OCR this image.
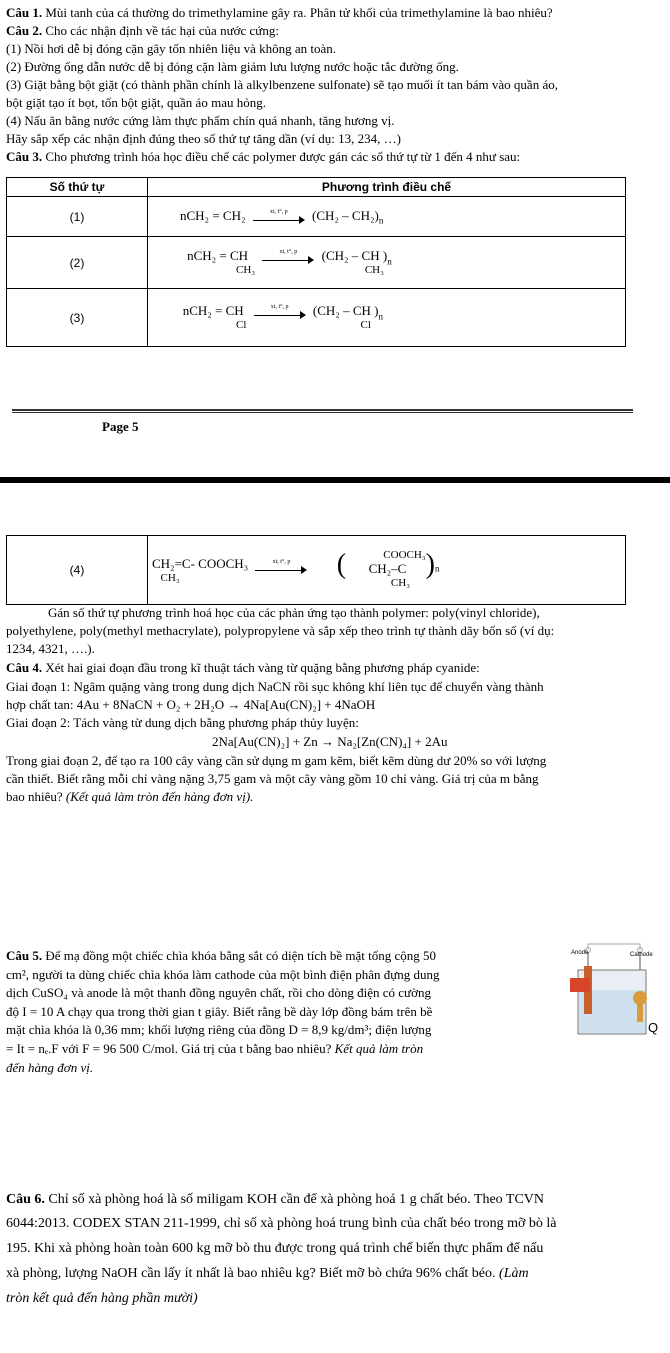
Câu 1. Mùi tanh của cá thường do trimethylamine gây ra. Phân tử khối của trimethylamine là bao nhiêu?
Câu 2. Cho các nhận định về tác hại của nước cứng:
(1) Nồi hơi dễ bị đóng cặn gây tốn nhiên liệu và không an toàn.
(2) Đường ống dẫn nước dễ bị đóng cặn làm giảm lưu lượng nước hoặc tắc đường ống.
(3) Giặt bằng bột giặt (có thành phần chính là alkylbenzene sulfonate) sẽ tạo muối ít tan bám vào quần áo,
bột giặt tạo ít bọt, tốn bột giặt, quần áo mau hỏng.
(4) Nấu ăn bằng nước cứng làm thực phẩm chín quá nhanh, tăng hương vị.
Hãy sắp xếp các nhận định đúng theo số thứ tự tăng dần (ví dụ: 13, 234, …)
Câu 3. Cho phương trình hóa học điều chế các polymer được gán các số thứ tự từ 1 đến 4 như sau:
Số thứ tự	Phương trình điều chế
(1)	nCH₂ = CH₂ xt, t°, p $(CH_2 - CH_2)_n$

(2)	nCH₂ = CH
CH₃
xt, t°, p (CH₂ – CH )
$CH_3_n$

(3)	nCH₂ = CH
Cl
xt, t°, p (CH₂ – CH )
$Cl_n$
Page 5
(4)	CH₂=C- COOCH₃
CH₃
xt, t°, p	(	COOCH₃
CH₂–C
$CH_3)_n$
Gán số thứ tự phương trình hoá học của các phản ứng tạo thành polymer: poly(vinyl chloride),
polyethylene, poly(methyl methacrylate), polypropylene và sắp xếp theo trình tự thành dãy bốn số (ví dụ:
1234, 4321, ….).
Câu 4. Xét hai giai đoạn đầu trong kĩ thuật tách vàng từ quặng bằng phương pháp cyanide:
Giai đoạn 1: Ngâm quặng vàng trong dung dịch NaCN rồi sục không khí liên tục để chuyển vàng thành
hợp chất tan: 4Au + 8NaCN + O₂ + 2H₂O → 4Na[Au(CN)₂] + 4NaOH
Giai đoạn 2: Tách vàng từ dung dịch bằng phương pháp thủy luyện:
2Na[Au(CN)₂] + Zn → Na₂[Zn(CN)₄] + 2Au
Trong giai đoạn 2, để tạo ra 100 cây vàng cần sử dụng m gam kẽm, biết kẽm dùng dư 20% so với lượng
cần thiết. Biết rằng mỗi chỉ vàng nặng 3,75 gam và một cây vàng gồm 10 chỉ vàng. Giá trị của m bằng
bao nhiêu? (Kết quả làm tròn đến hàng đơn vị).
Câu 5. Để mạ đồng một chiếc chìa khóa bằng sắt có diện tích bề mặt tổng cộng 50
cm², người ta dùng chiếc chìa khóa làm cathode của một bình điện phân đựng dung
dịch CuSO₄ và anode là một thanh đồng nguyên chất, rồi cho dòng điện có cường
độ I = 10 A chạy qua trong thời gian t giây. Biết rằng bề dày lớp đồng bám trên bề
mặt chìa khóa là 0,36 mm; khối lượng riêng của đồng D = 8,9 kg/dm³; điện lượng
= It = nₑ.F với F = 96 500 C/mol. Giá trị của t bằng bao nhiêu? Kết quả làm tròn
đến hàng đơn vị.
Anode	Cathode
Q
Câu 6. Chỉ số xà phòng hoá là số miligam KOH cần để xà phòng hoá 1 g chất béo. Theo TCVN
6044:2013. CODEX STAN 211-1999, chỉ số xà phòng hoá trung bình của chất béo trong mỡ bò là
195. Khi xà phòng hoàn toàn 600 kg mỡ bò thu được trong quá trình chế biến thực phẩm để nấu
xà phòng, lượng NaOH cần lấy ít nhất là bao nhiêu kg? Biết mỡ bò chứa 96% chất béo. (Làm
tròn kết quả đến hàng phần mười)
